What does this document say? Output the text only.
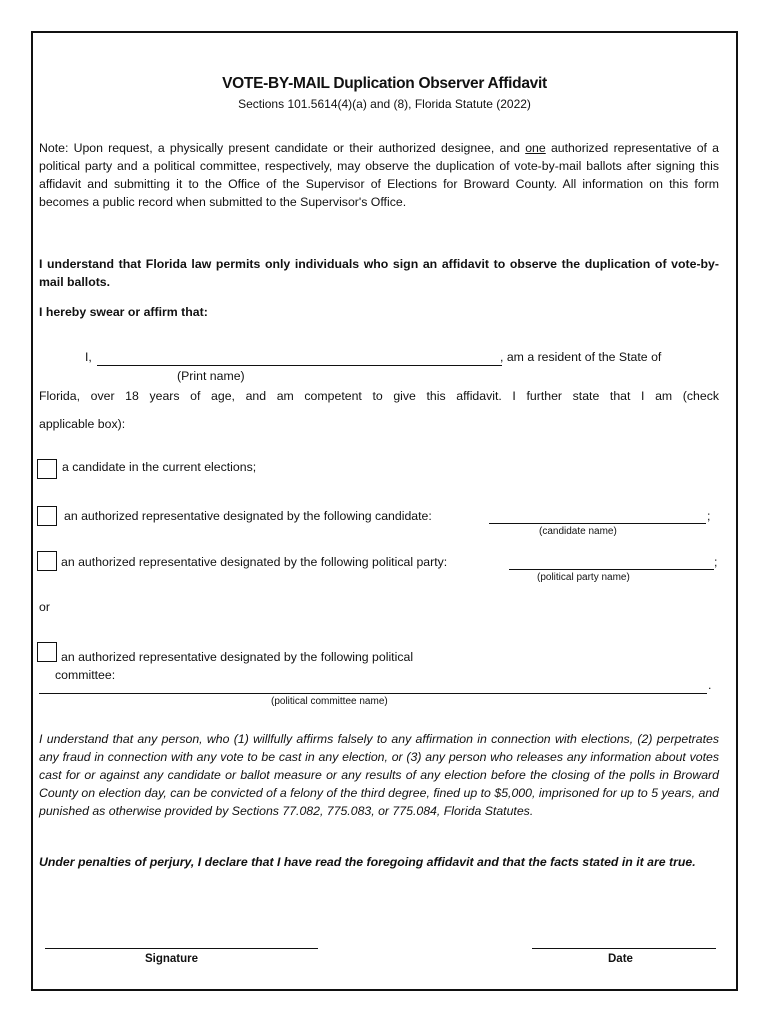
VOTE-BY-MAIL Duplication Observer Affidavit
Sections 101.5614(4)(a) and (8), Florida Statute (2022)
Note: Upon request, a physically present candidate or their authorized designee, and one authorized representative of a political party and a political committee, respectively, may observe the duplication of vote-by-mail ballots after signing this affidavit and submitting it to the Office of the Supervisor of Elections for Broward County. All information on this form becomes a public record when submitted to the Supervisor's Office.
I understand that Florida law permits only individuals who sign an affidavit to observe the duplication of vote-by-mail ballots.
I hereby swear or affirm that:
I,	, am a resident of the State of
(Print name)
Florida, over 18 years of age, and am competent to give this affidavit. I further state that I am (check
applicable box):
a candidate in the current elections;
an authorized representative designated by the following candidate:	;
(candidate name)
an authorized representative designated by the following political party:	;
(political party name)
or
an authorized representative designated by the following political
committee:
.
(political committee name)
I understand that any person, who (1) willfully affirms falsely to any affirmation in connection with elections, (2) perpetrates any fraud in connection with any vote to be cast in any election, or (3) any person who releases any information about votes cast for or against any candidate or ballot measure or any results of any election before the closing of the polls in Broward County on election day, can be convicted of a felony of the third degree, fined up to $5,000, imprisoned for up to 5 years, and punished as otherwise provided by Sections 77.082, 775.083, or 775.084, Florida Statutes.
Under penalties of perjury, I declare that I have read the foregoing affidavit and that the facts stated in it are true.
Signature	Date
